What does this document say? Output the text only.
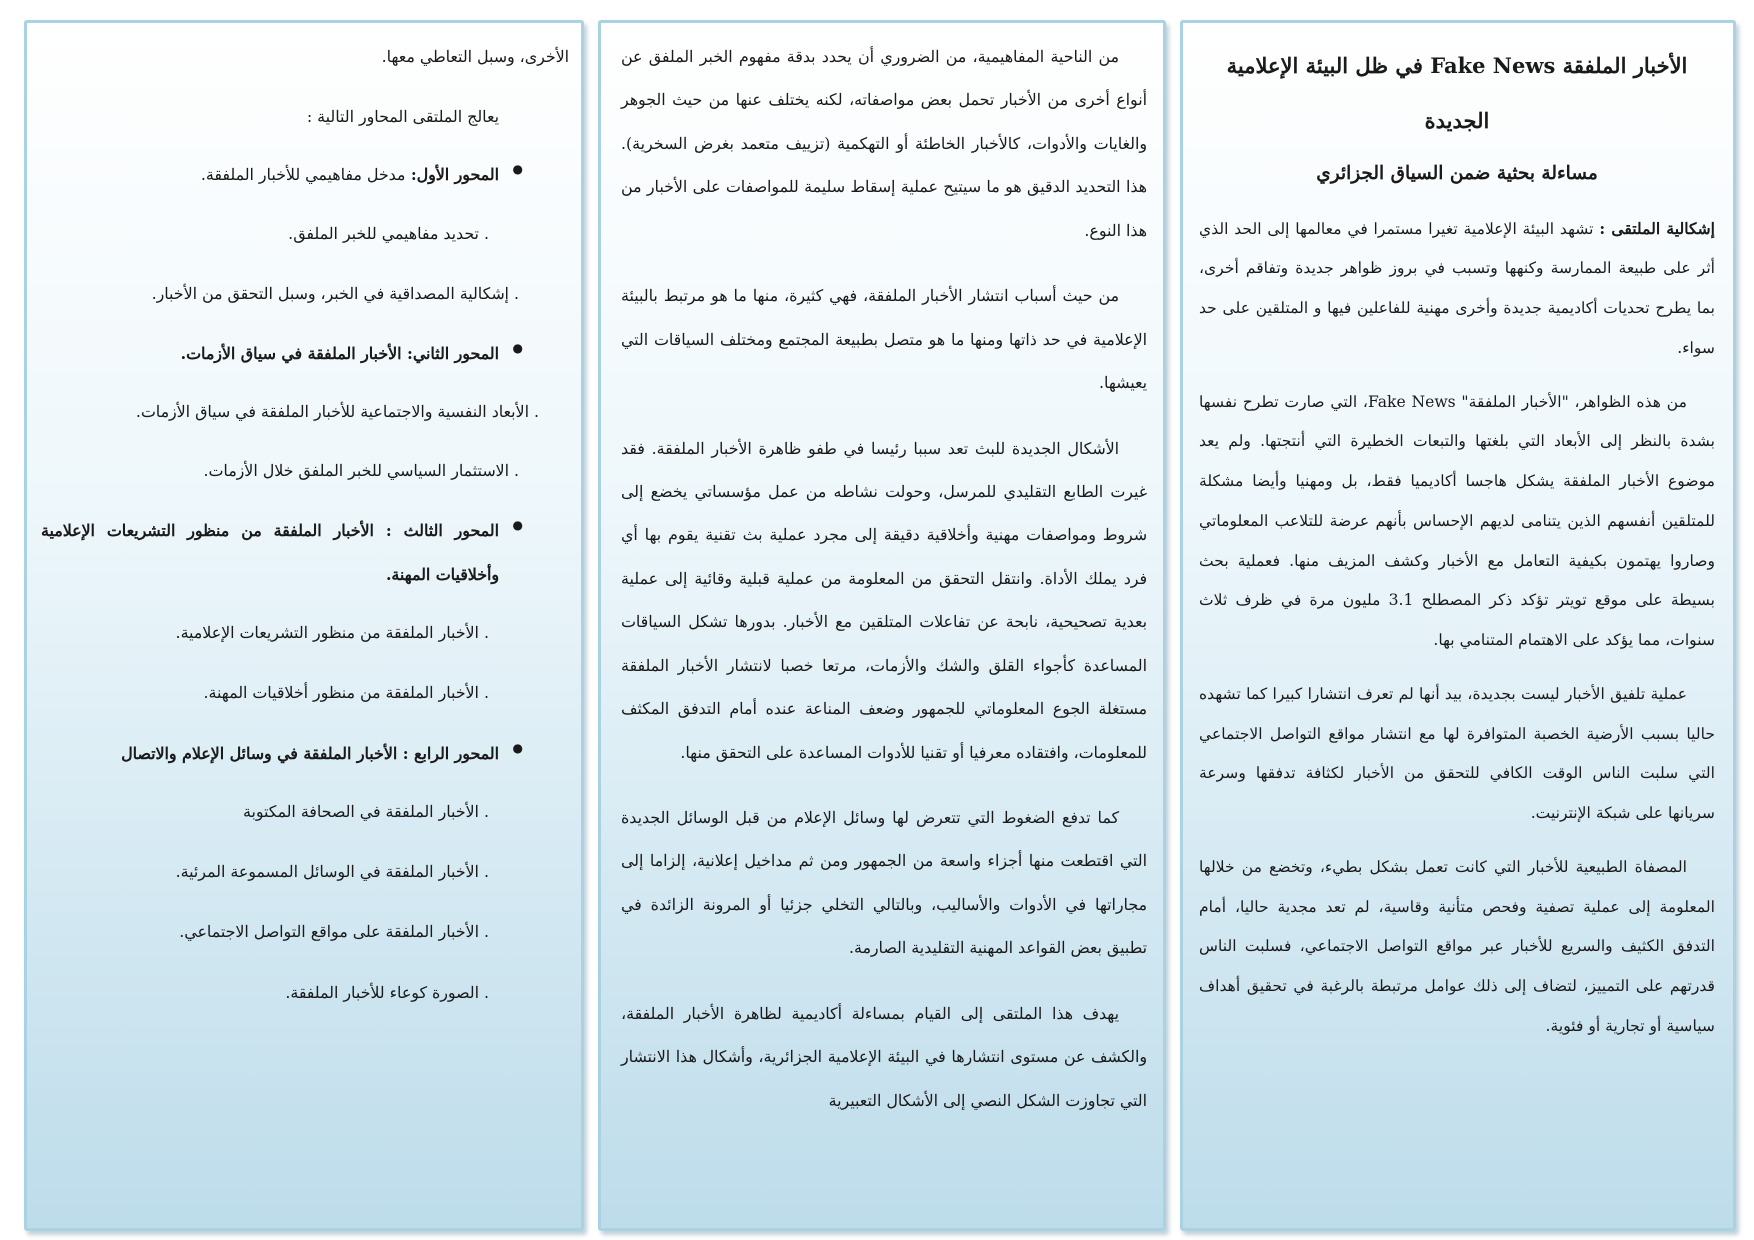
الأخبار الملفقة Fake News في ظل البيئة الإعلامية الجديدة
مساءلة بحثية ضمن السياق الجزائري

إشكالية الملتقى : تشهد البيئة الإعلامية تغيرا مستمرا في معالمها إلى الحد الذي أثر على طبيعة الممارسة وكنهها وتسبب في بروز ظواهر جديدة وتفاقم أخرى، بما يطرح تحديات أكاديمية جديدة وأخرى مهنية للفاعلين فيها و المتلقين على حد سواء.

من هذه الظواهر، "الأخبار الملفقة" Fake News، التي صارت تطرح نفسها بشدة بالنظر إلى الأبعاد التي بلغتها والتبعات الخطيرة التي أنتجتها. ولم يعد موضوع الأخبار الملفقة يشكل هاجسا أكاديميا فقط، بل ومهنيا وأيضا مشكلة للمتلقين أنفسهم الذين يتنامى لديهم الإحساس بأنهم عرضة للتلاعب المعلوماتي وصاروا يهتمون بكيفية التعامل مع الأخبار وكشف المزيف منها. فعملية بحث بسيطة على موقع تويتر تؤكد ذكر المصطلح 3.1 مليون مرة في ظرف ثلاث سنوات، مما يؤكد على الاهتمام المتنامي بها.

عملية تلفيق الأخبار ليست بجديدة، بيد أنها لم تعرف انتشارا كبيرا كما تشهده حاليا بسبب الأرضية الخصبة المتوافرة لها مع انتشار مواقع التواصل الاجتماعي التي سلبت الناس الوقت الكافي للتحقق من الأخبار لكثافة تدفقها وسرعة سريانها على شبكة الإنترنيت.

المصفاة الطبيعية للأخبار التي كانت تعمل بشكل بطيء، وتخضع من خلالها المعلومة إلى عملية تصفية وفحص متأنية وقاسية، لم تعد مجدية حاليا، أمام التدفق الكثيف والسريع للأخبار عبر مواقع التواصل الاجتماعي، فسلبت الناس قدرتهم على التمييز، لتضاف إلى ذلك عوامل مرتبطة بالرغبة في تحقيق أهداف سياسية أو تجارية أو فئوية.

من الناحية المفاهيمية، من الضروري أن يحدد بدقة مفهوم الخبر الملفق عن أنواع أخرى من الأخبار تحمل بعض مواصفاته، لكنه يختلف عنها من حيث الجوهر والغايات والأدوات، كالأخبار الخاطئة أو التهكمية (تزييف متعمد بغرض السخرية). هذا التحديد الدقيق هو ما سيتيح عملية إسقاط سليمة للمواصفات على الأخبار من هذا النوع.

من حيث أسباب انتشار الأخبار الملفقة، فهي كثيرة، منها ما هو مرتبط بالبيئة الإعلامية في حد ذاتها ومنها ما هو متصل بطبيعة المجتمع ومختلف السياقات التي يعيشها.

الأشكال الجديدة للبث تعد سببا رئيسا في طفو ظاهرة الأخبار الملفقة. فقد غيرت الطابع التقليدي للمرسل، وحولت نشاطه من عمل مؤسساتي يخضع إلى شروط ومواصفات مهنية وأخلاقية دقيقة إلى مجرد عملية بث تقنية يقوم بها أي فرد يملك الأداة. وانتقل التحقق من المعلومة من عملية قبلية وقائية إلى عملية بعدية تصحيحية، نابحة عن تفاعلات المتلقين مع الأخبار. بدورها تشكل السياقات المساعدة كأجواء القلق والشك والأزمات، مرتعا خصبا لانتشار الأخبار الملفقة مستغلة الجوع المعلوماتي للجمهور وضعف المناعة عنده أمام التدفق المكثف للمعلومات، وافتقاده معرفيا أو تقنيا للأدوات المساعدة على التحقق منها.

كما تدفع الضغوط التي تتعرض لها وسائل الإعلام من قبل الوسائل الجديدة التي اقتطعت منها أجزاء واسعة من الجمهور ومن ثم مداخيل إعلانية، إلزاما إلى مجاراتها في الأدوات والأساليب، وبالتالي التخلي جزئيا أو المرونة الزائدة في تطبيق بعض القواعد المهنية التقليدية الصارمة.

يهدف هذا الملتقى إلى القيام بمساءلة أكاديمية لظاهرة الأخبار الملفقة، والكشف عن مستوى انتشارها في البيئة الإعلامية الجزائرية، وأشكال هذا الانتشار التي تجاوزت الشكل النصي إلى الأشكال التعبيرية

الأخرى، وسبل التعاطي معها.
يعالج الملتقى المحاور التالية :
● المحور الأول: مدخل مفاهيمي للأخبار الملفقة.
. تحديد مفاهيمي للخبر الملفق.
. إشكالية المصداقية في الخبر، وسبل التحقق من الأخبار.
● المحور الثاني: الأخبار الملفقة في سياق الأزمات.
. الأبعاد النفسية والاجتماعية للأخبار الملفقة في سياق الأزمات.
. الاستثمار السياسي للخبر الملفق خلال الأزمات.
● المحور الثالث : الأخبار الملفقة من منظور التشريعات الإعلامية وأخلاقيات المهنة.
. الأخبار الملفقة من منظور التشريعات الإعلامية.
. الأخبار الملفقة من منظور أخلاقيات المهنة.
● المحور الرابع : الأخبار الملفقة في وسائل الإعلام والاتصال
. الأخبار الملفقة في الصحافة المكتوبة
. الأخبار الملفقة في الوسائل المسموعة المرئية.
. الأخبار الملفقة على مواقع التواصل الاجتماعي.
. الصورة كوعاء للأخبار الملفقة.
